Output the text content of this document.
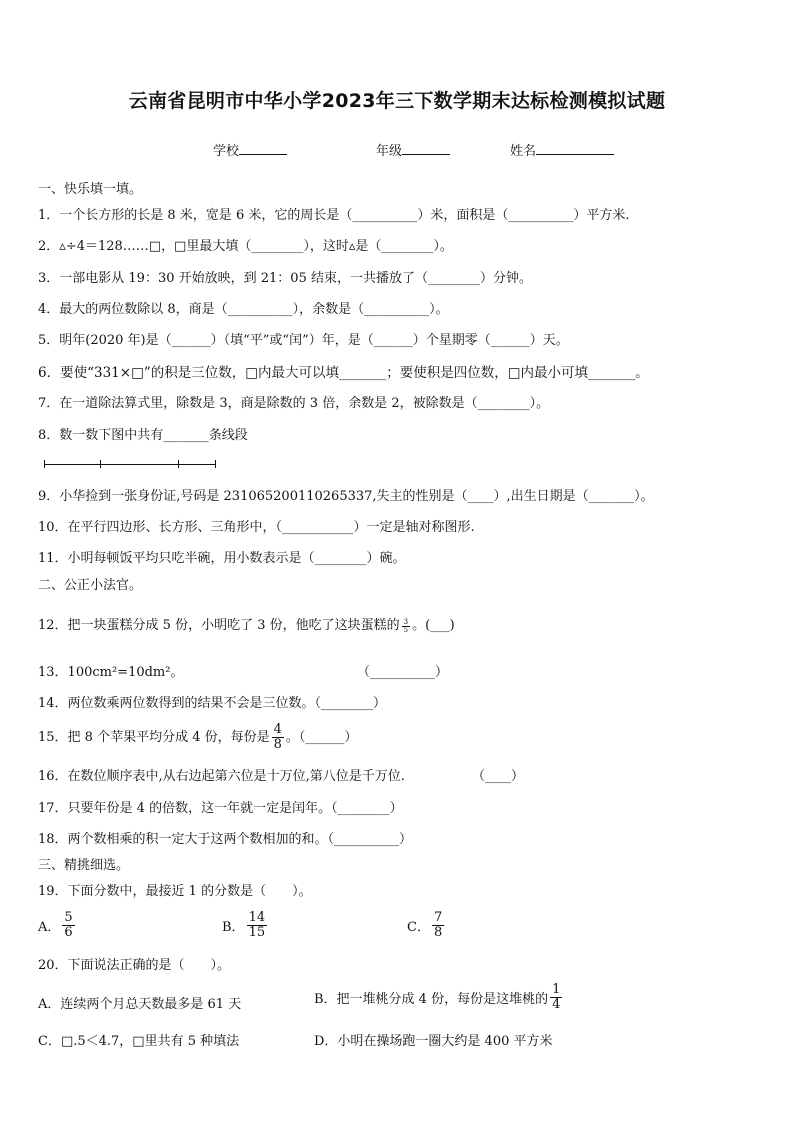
云南省昆明市中华小学2023年三下数学期末达标检测模拟试题
学校	年级	姓名
一、快乐填一填。
1．一个长方形的长是 8 米，宽是 6 米，它的周长是（__________）米，面积是（__________）平方米.
2．▵÷4＝128……□，□里最大填（________），这时▵是（________）。
3．一部电影从 19：30 开始放映，到 21：05 结束，一共播放了（________）分钟。
4．最大的两位数除以 8，商是（__________），余数是（__________）。
5．明年(2020 年)是（______）（填“平”或“闰”）年，是（______）个星期零（______）天。
6．要使“331×□”的积是三位数，□内最大可以填_______；要使积是四位数，□内最小可填_______。
7．在一道除法算式里，除数是 3，商是除数的 3 倍，余数是 2，被除数是（________）。
8．数一数下图中共有_______条线段
9．小华捡到一张身份证,号码是 231065200110265337,失主的性别是（____）,出生日期是（_______）。
10．在平行四边形、长方形、三角形中，（___________）一定是轴对称图形.
11．小明每顿饭平均只吃半碗，用小数表示是（________）碗。
二、公正小法官。
12．把一块蛋糕分成 5 份，小明吃了 3 份，他吃了这块蛋糕的 $\frac{3}{5}$ 。(___)
13．100cm²=10dm²。	（__________）
14．两位数乘两位数得到的结果不会是三位数。（________）
15．把 8 个苹果平均分成 4 份，每份是 $\frac{4}{8}$ 。（______）
16．在数位顺序表中,从右边起第六位是十万位,第八位是千万位.	（____）
17．只要年份是 4 的倍数，这一年就一定是闰年。（________）
18．两个数相乘的积一定大于这两个数相加的和。（__________）
三、精挑细选。
19．下面分数中，最接近 1 的分数是（　　）。
A． $\frac{5}{6}$	B． $\frac{14}{15}$	C． $\frac{7}{8}$
20．下面说法正确的是（　　）。
A．连续两个月总天数最多是 61 天	B．把一堆桃分成 4 份，每份是这堆桃的 $\frac{1}{4}$
C．□.5＜4.7，□里共有 5 种填法	D．小明在操场跑一圈大约是 400 平方米
